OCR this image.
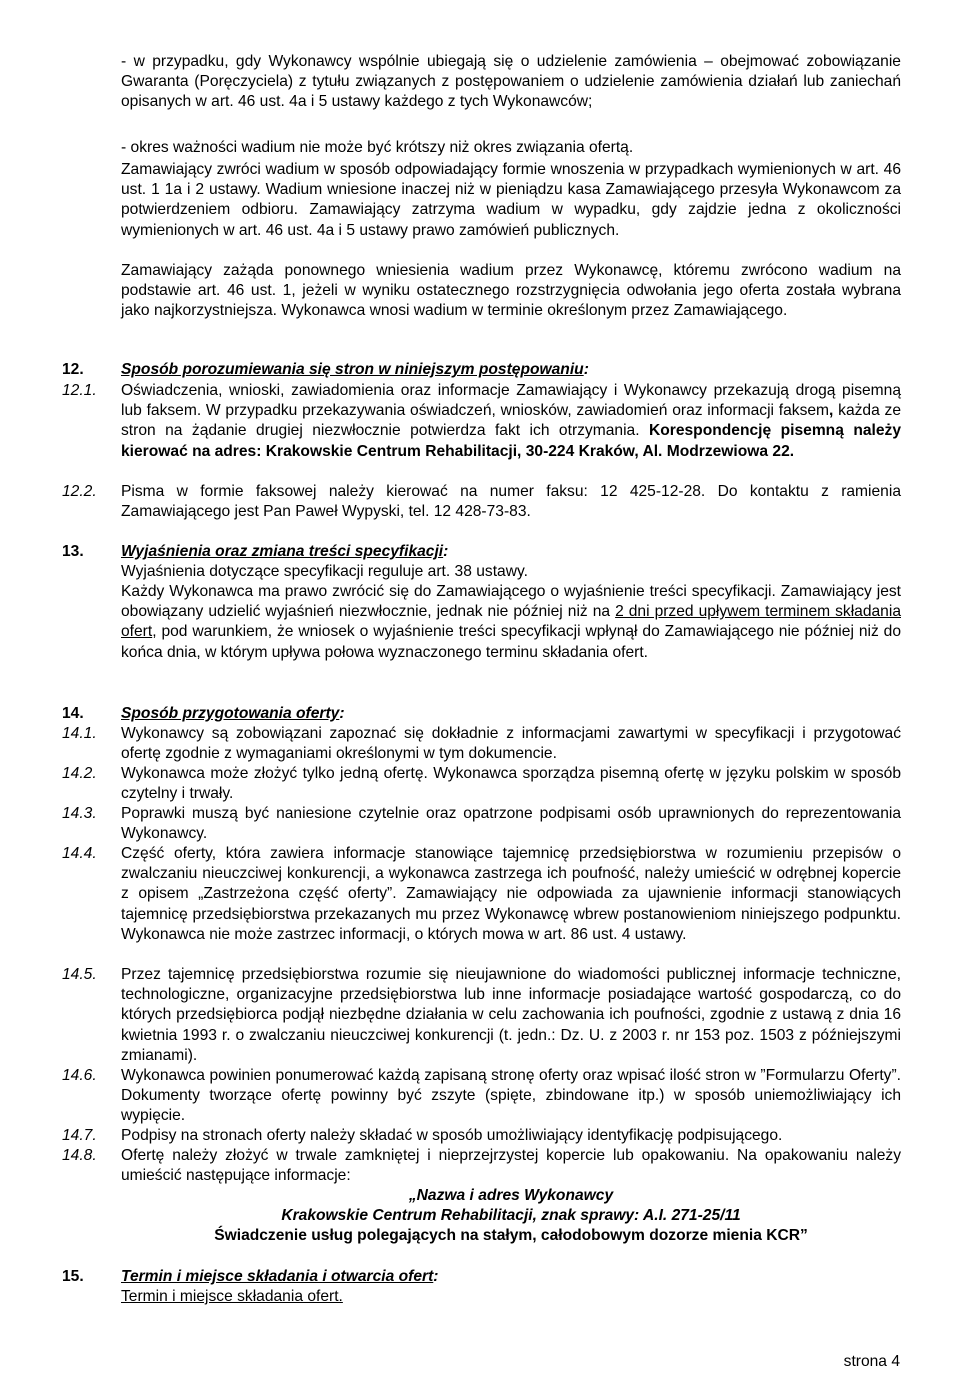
- w przypadku, gdy Wykonawcy wspólnie ubiegają się o udzielenie zamówienia – obejmować zobowiązanie Gwaranta (Poręczyciela) z tytułu związanych z postępowaniem o udzielenie zamówienia działań lub zaniechań opisanych w art. 46 ust. 4a i 5 ustawy każdego z tych Wykonawców;

- okres ważności wadium nie może być krótszy niż okres związania ofertą.

Zamawiający zwróci wadium w sposób odpowiadający formie wnoszenia w przypadkach wymienionych w art. 46 ust. 1 1a i 2 ustawy. Wadium wniesione inaczej niż w pieniądzu kasa Zamawiającego przesyła Wykonawcom za potwierdzeniem odbioru. Zamawiający zatrzyma wadium w wypadku, gdy zajdzie jedna z okoliczności wymienionych w art. 46 ust. 4a i 5 ustawy prawo zamówień publicznych.

Zamawiający zażąda ponownego wniesienia wadium przez Wykonawcę, któremu zwrócono wadium na podstawie art. 46 ust. 1, jeżeli w wyniku ostatecznego rozstrzygnięcia odwołania jego oferta została wybrana jako najkorzystniejsza. Wykonawca wnosi wadium w terminie określonym przez Zamawiającego.

12.	Sposób porozumiewania się stron w niniejszym postępowaniu:
12.1.	Oświadczenia, wnioski, zawiadomienia oraz informacje Zamawiający i Wykonawcy przekazują drogą pisemną lub faksem. W przypadku przekazywania oświadczeń, wniosków, zawiadomień oraz informacji faksem, każda ze stron na żądanie drugiej niezwłocznie potwierdza fakt ich otrzymania. Korespondencję pisemną należy kierować na adres: Krakowskie Centrum Rehabilitacji, 30-224 Kraków, Al. Modrzewiowa 22.
12.2.	Pisma w formie faksowej należy kierować na numer faksu: 12 425-12-28. Do kontaktu z ramienia Zamawiającego jest Pan Paweł Wypyski, tel. 12 428-73-83.
13.	Wyjaśnienia oraz zmiana treści specyfikacji:

Wyjaśnienia dotyczące specyfikacji reguluje art. 38 ustawy.

Każdy Wykonawca ma prawo zwrócić się do Zamawiającego o wyjaśnienie treści specyfikacji. Zamawiający jest obowiązany udzielić wyjaśnień niezwłocznie, jednak nie później niż na 2 dni przed upływem terminem składania ofert, pod warunkiem, że wniosek o wyjaśnienie treści specyfikacji wpłynął do Zamawiającego nie później niż do końca dnia, w którym upływa połowa wyznaczonego terminu składania ofert.

14.	Sposób przygotowania oferty:
14.1.	Wykonawcy są zobowiązani zapoznać się dokładnie z informacjami zawartymi w specyfikacji i przygotować ofertę zgodnie z wymaganiami określonymi w tym dokumencie.
14.2.	Wykonawca może złożyć tylko jedną ofertę. Wykonawca sporządza pisemną ofertę w języku polskim w sposób czytelny i trwały.
14.3.	Poprawki muszą być naniesione czytelnie oraz opatrzone podpisami osób uprawnionych do reprezentowania Wykonawcy.
14.4.	Część oferty, która zawiera informacje stanowiące tajemnicę przedsiębiorstwa w rozumieniu przepisów o zwalczaniu nieuczciwej konkurencji, a wykonawca zastrzega ich poufność, należy umieścić w odrębnej kopercie z opisem „Zastrzeżona część oferty”. Zamawiający nie odpowiada za ujawnienie informacji stanowiących tajemnicę przedsiębiorstwa przekazanych mu przez Wykonawcę wbrew postanowieniom niniejszego podpunktu. Wykonawca nie może zastrzec informacji, o których mowa w art. 86 ust. 4 ustawy.
14.5.	Przez tajemnicę przedsiębiorstwa rozumie się nieujawnione do wiadomości publicznej informacje techniczne, technologiczne, organizacyjne przedsiębiorstwa lub inne informacje posiadające wartość gospodarczą, co do których przedsiębiorca podjął niezbędne działania w celu zachowania ich poufności, zgodnie z ustawą z dnia 16 kwietnia 1993 r. o zwalczaniu nieuczciwej konkurencji (t. jedn.: Dz. U. z 2003 r. nr 153 poz. 1503 z późniejszymi zmianami).
14.6.	Wykonawca powinien ponumerować każdą zapisaną stronę oferty oraz wpisać ilość stron w ”Formularzu Oferty”. Dokumenty tworzące ofertę powinny być zszyte (spięte, zbindowane itp.) w sposób uniemożliwiający ich wypięcie.
14.7.	Podpisy na stronach oferty należy składać w sposób umożliwiający identyfikację podpisującego.
14.8.	Ofertę należy złożyć w trwale zamkniętej i nieprzejrzystej kopercie lub opakowaniu. Na opakowaniu należy umieścić następujące informacje:
„Nazwa i adres Wykonawcy
Krakowskie Centrum Rehabilitacji, znak sprawy: A.I. 271-25/11
Świadczenie usług polegających na stałym, całodobowym dozorze mienia KCR”
15.	Termin i miejsce składania i otwarcia ofert:

Termin i miejsce składania ofert.

strona 4
